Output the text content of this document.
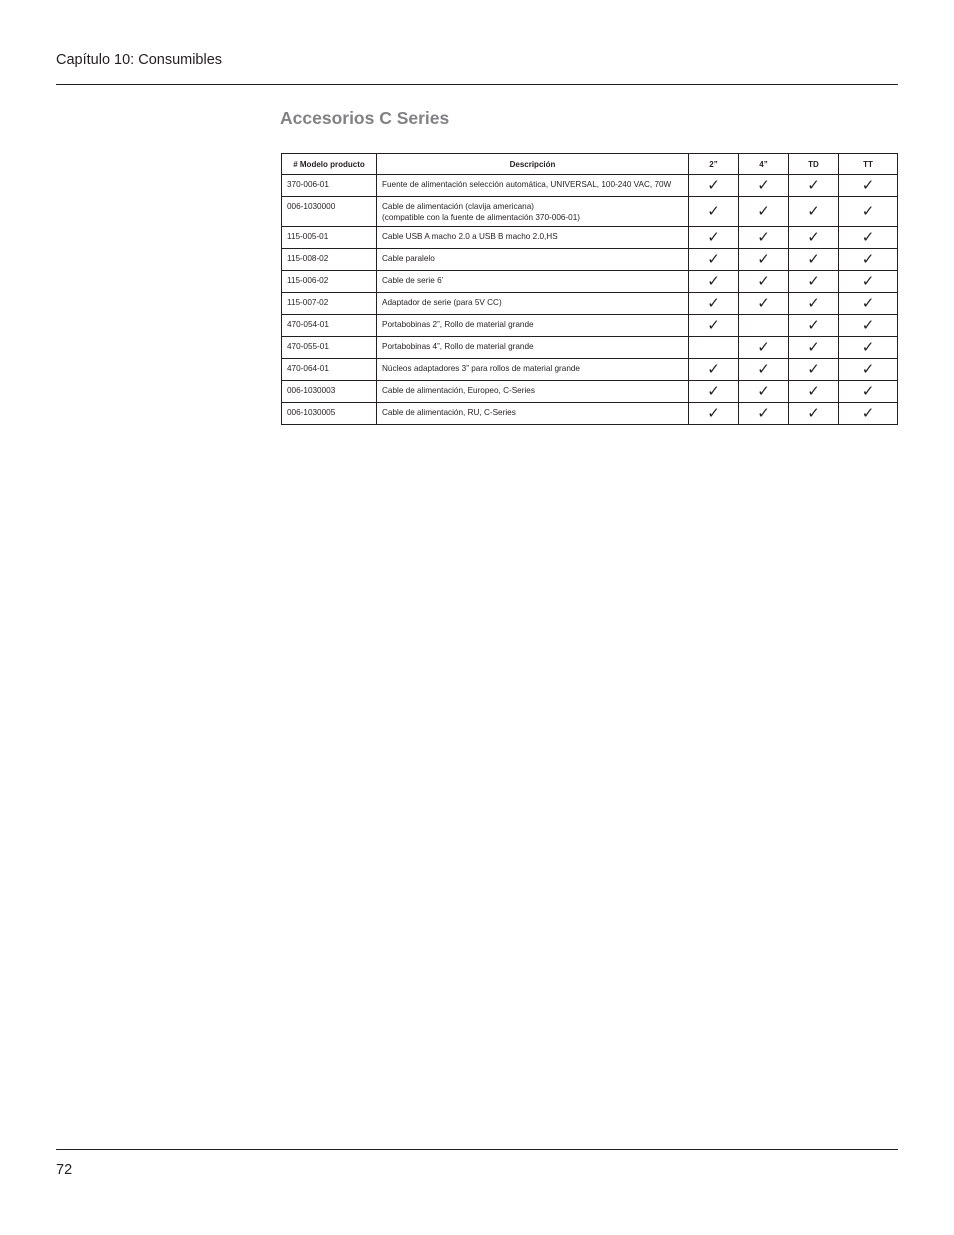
Capítulo 10: Consumibles
Accesorios C Series
# Modelo producto	Descripción	2”	4”	TD	TT
370-006-01	Fuente de alimentación selección automática, UNIVERSAL, 100-240 VAC, 70W	✓	✓	✓	✓
006-1030000	Cable de alimentación (clavija americana)
(compatible con la fuente de alimentación 370-006-01)	✓	✓	✓	✓
115-005-01	Cable USB A macho 2.0 a USB B macho 2.0,HS	✓	✓	✓	✓
115-008-02	Cable paralelo	✓	✓	✓	✓
115-006-02	Cable de serie 6’	✓	✓	✓	✓
115-007-02	Adaptador de serie (para 5V CC)	✓	✓	✓	✓
470-054-01	Portabobinas 2”, Rollo de material grande	✓		✓	✓
470-055-01	Portabobinas 4”, Rollo de material grande		✓	✓	✓
470-064-01	Núcleos adaptadores 3” para rollos de material grande	✓	✓	✓	✓
006-1030003	Cable de alimentación, Europeo, C-Series	✓	✓	✓	✓
006-1030005	Cable de alimentación, RU, C-Series	✓	✓	✓	✓
72
